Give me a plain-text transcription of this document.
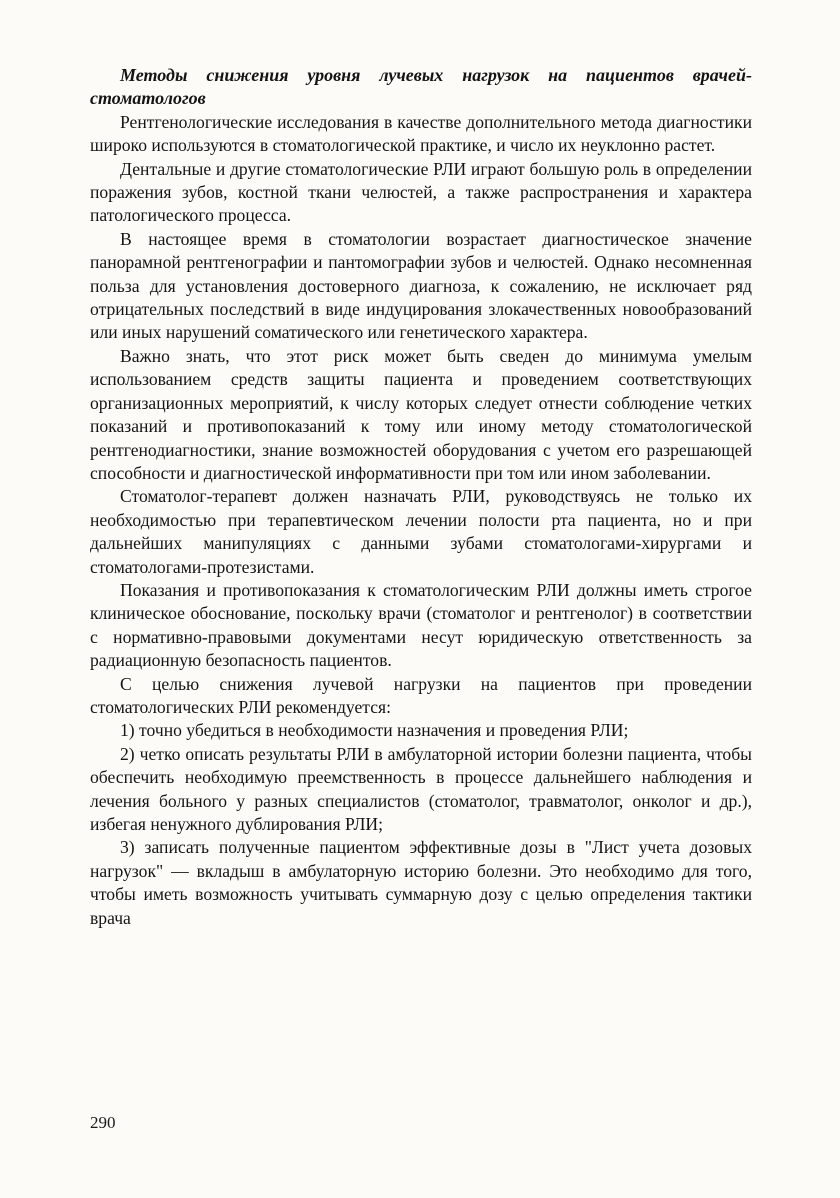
Методы снижения уровня лучевых нагрузок на пациентов врачей-стоматологов

Рентгенологические исследования в качестве дополнительного метода диагностики широко используются в стоматологической практике, и число их неуклонно растет.

Дентальные и другие стоматологические РЛИ играют большую роль в определении поражения зубов, костной ткани челюстей, а также распространения и характера патологического процесса.

В настоящее время в стоматологии возрастает диагностическое значение панорамной рентгенографии и пантомографии зубов и челюстей. Однако несомненная польза для установления достоверного диагноза, к сожалению, не исключает ряд отрицательных последствий в виде индуцирования злокачественных новообразований или иных нарушений соматического или генетического характера.

Важно знать, что этот риск может быть сведен до минимума умелым использованием средств защиты пациента и проведением соответствующих организационных мероприятий, к числу которых следует отнести соблюдение четких показаний и противопоказаний к тому или иному методу стоматологической рентгенодиагностики, знание возможностей оборудования с учетом его разрешающей способности и диагностической информативности при том или ином заболевании.

Стоматолог-терапевт должен назначать РЛИ, руководствуясь не только их необходимостью при терапевтическом лечении полости рта пациента, но и при дальнейших манипуляциях с данными зубами стоматологами-хирургами и стоматологами-протезистами.

Показания и противопоказания к стоматологическим РЛИ должны иметь строгое клиническое обоснование, поскольку врачи (стоматолог и рентгенолог) в соответствии с нормативно-правовыми документами несут юридическую ответственность за радиационную безопасность пациентов.

С целью снижения лучевой нагрузки на пациентов при проведении стоматологических РЛИ рекомендуется:

1) точно убедиться в необходимости назначения и проведения РЛИ;

2) четко описать результаты РЛИ в амбулаторной истории болезни пациента, чтобы обеспечить необходимую преемственность в процессе дальнейшего наблюдения и лечения больного у разных специалистов (стоматолог, травматолог, онколог и др.), избегая ненужного дублирования РЛИ;

3) записать полученные пациентом эффективные дозы в "Лист учета дозовых нагрузок" — вкладыш в амбулаторную историю болезни. Это необходимо для того, чтобы иметь возможность учитывать суммарную дозу с целью определения тактики врача

290
